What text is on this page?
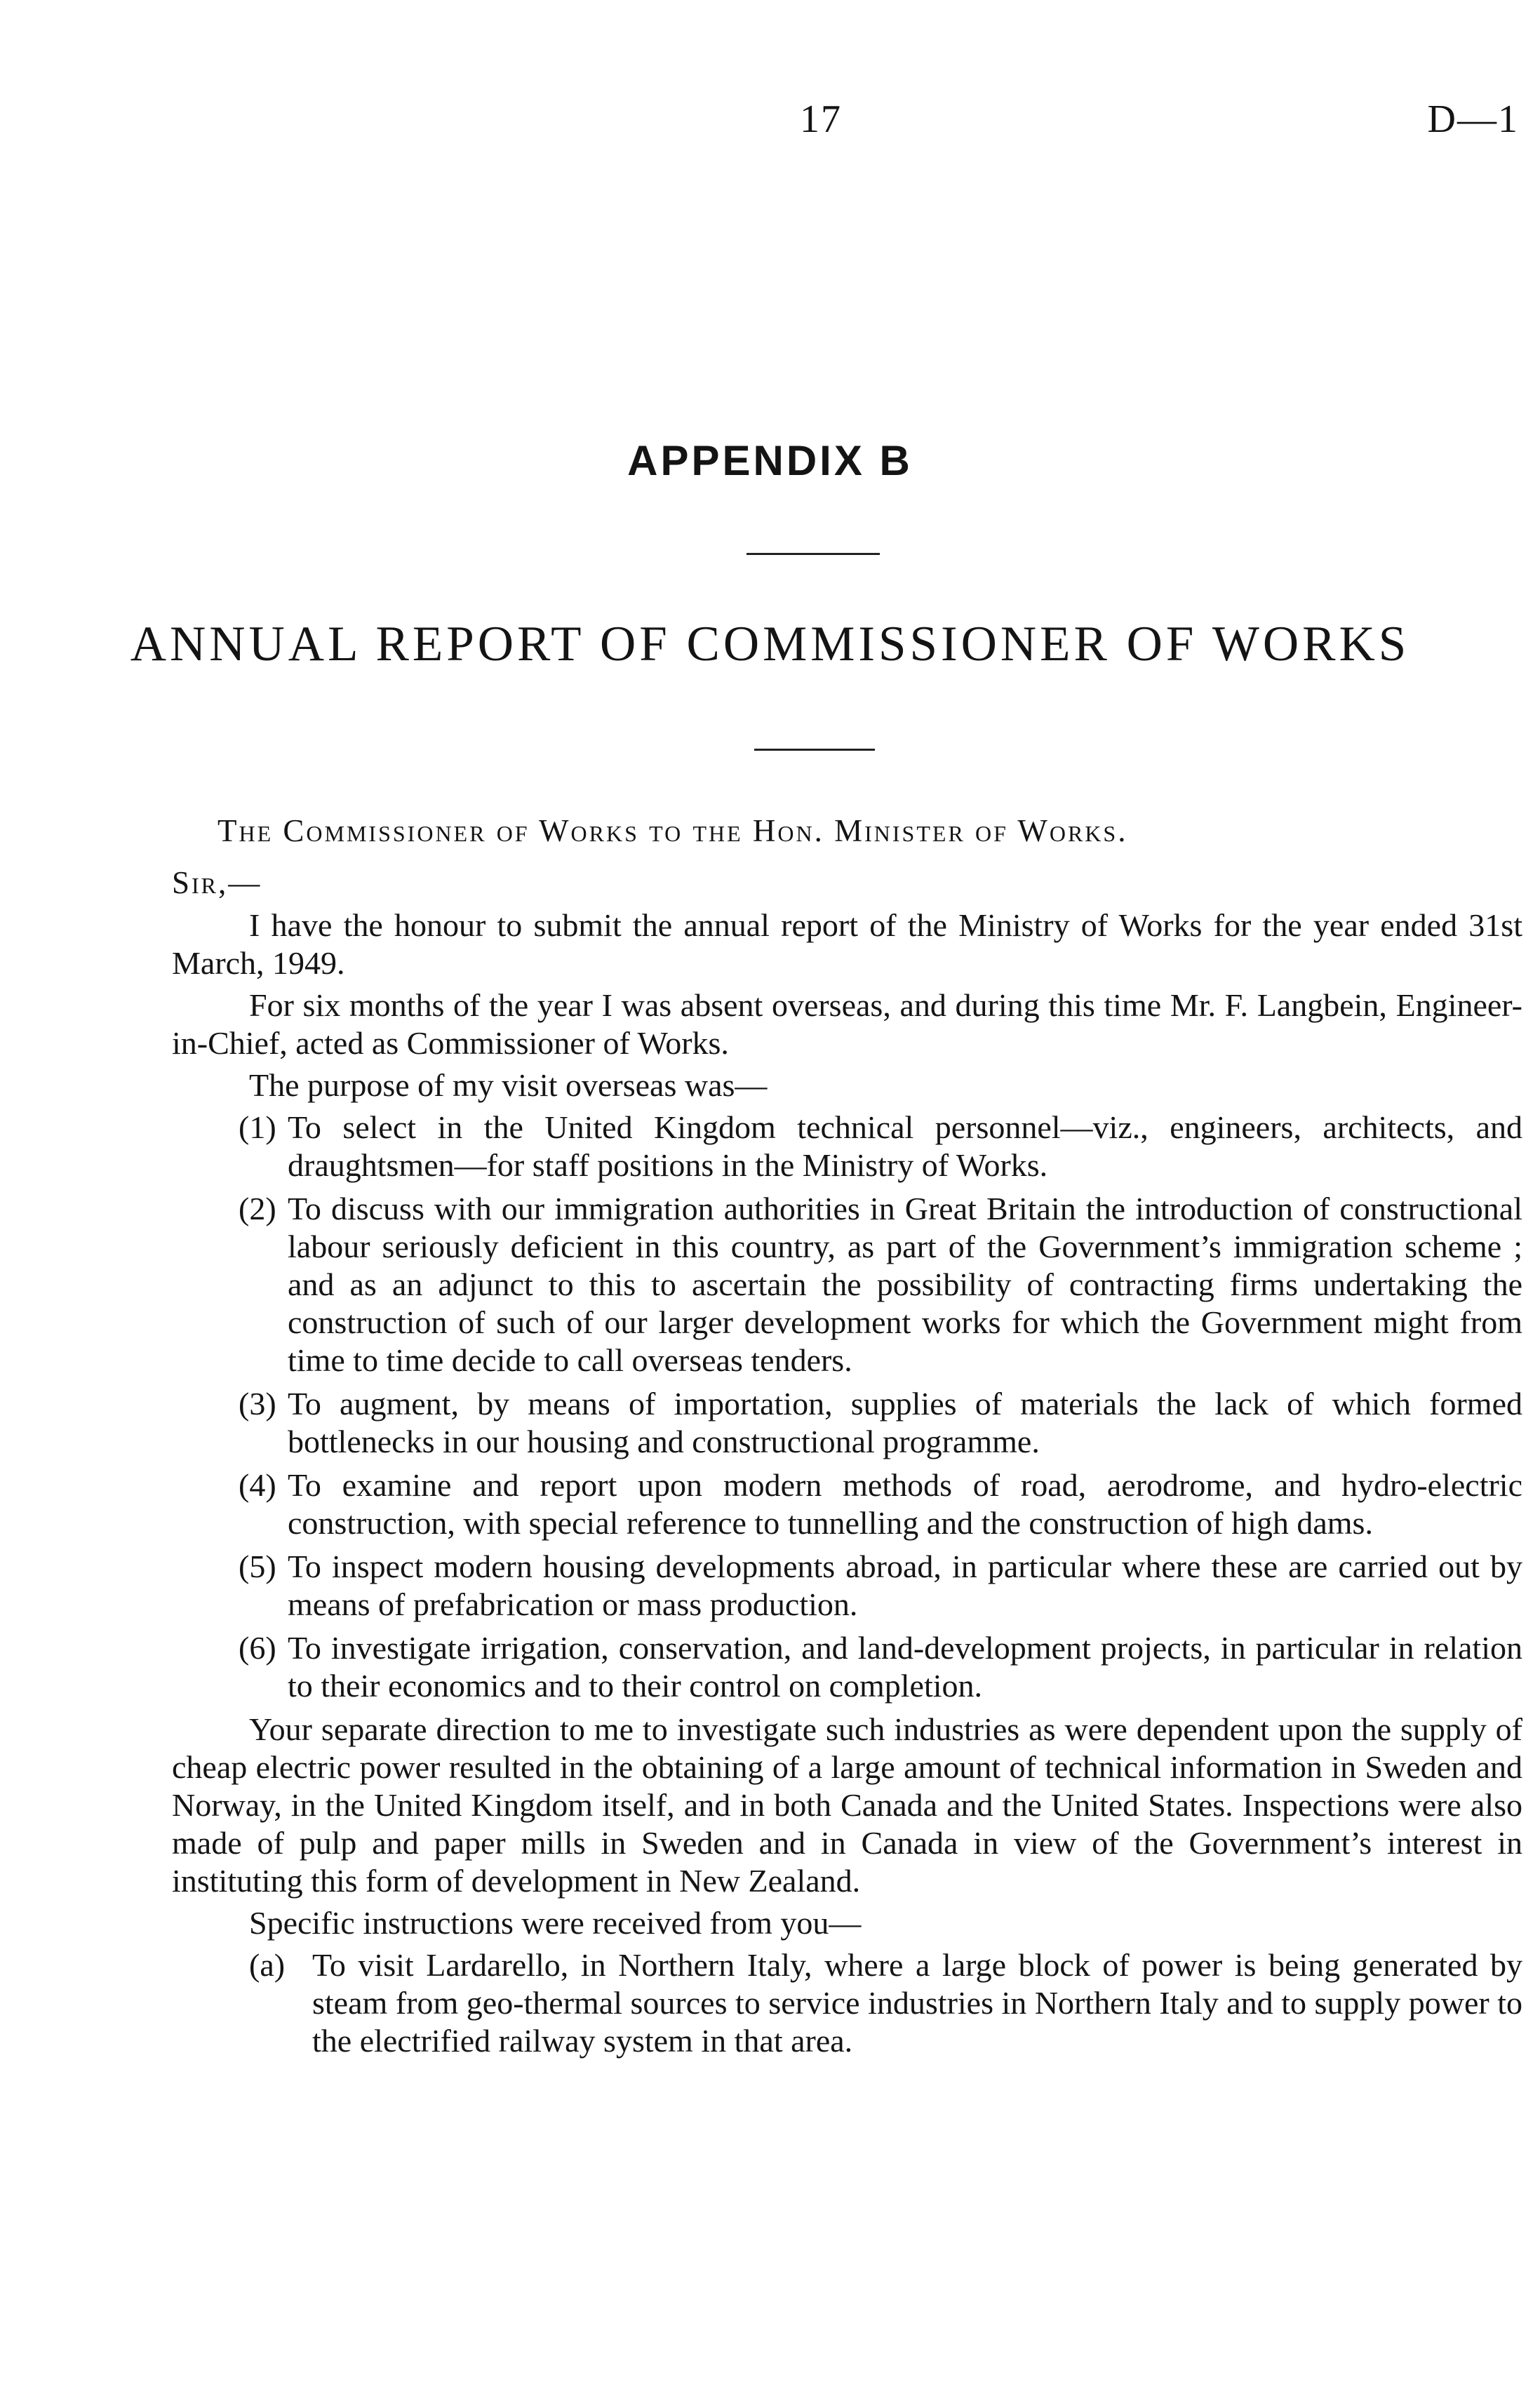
17	D—1
APPENDIX B
ANNUAL REPORT OF COMMISSIONER OF WORKS
The Commissioner of Works to the Hon. Minister of Works.
Sir,—

I have the honour to submit the annual report of the Ministry of Works for the year ended 31st March, 1949.

For six months of the year I was absent overseas, and during this time Mr. F. Langbein, Engineer-in-Chief, acted as Commissioner of Works.

The purpose of my visit overseas was—

(1) To select in the United Kingdom technical personnel—viz., engineers, architects, and draughtsmen—for staff positions in the Ministry of Works.
(2) To discuss with our immigration authorities in Great Britain the introduction of constructional labour seriously deficient in this country, as part of the Government’s immigration scheme ; and as an adjunct to this to ascertain the possibility of contracting firms undertaking the construction of such of our larger development works for which the Government might from time to time decide to call overseas tenders.
(3) To augment, by means of importation, supplies of materials the lack of which formed bottlenecks in our housing and constructional programme.
(4) To examine and report upon modern methods of road, aerodrome, and hydro-electric construction, with special reference to tunnelling and the construction of high dams.
(5) To inspect modern housing developments abroad, in particular where these are carried out by means of prefabrication or mass production.
(6) To investigate irrigation, conservation, and land-development projects, in particular in relation to their economics and to their control on completion.

Your separate direction to me to investigate such industries as were dependent upon the supply of cheap electric power resulted in the obtaining of a large amount of technical information in Sweden and Norway, in the United Kingdom itself, and in both Canada and the United States. Inspections were also made of pulp and paper mills in Sweden and in Canada in view of the Government’s interest in instituting this form of development in New Zealand.

Specific instructions were received from you—

(a) To visit Lardarello, in Northern Italy, where a large block of power is being generated by steam from geo-thermal sources to service industries in Northern Italy and to supply power to the electrified railway system in that area.
